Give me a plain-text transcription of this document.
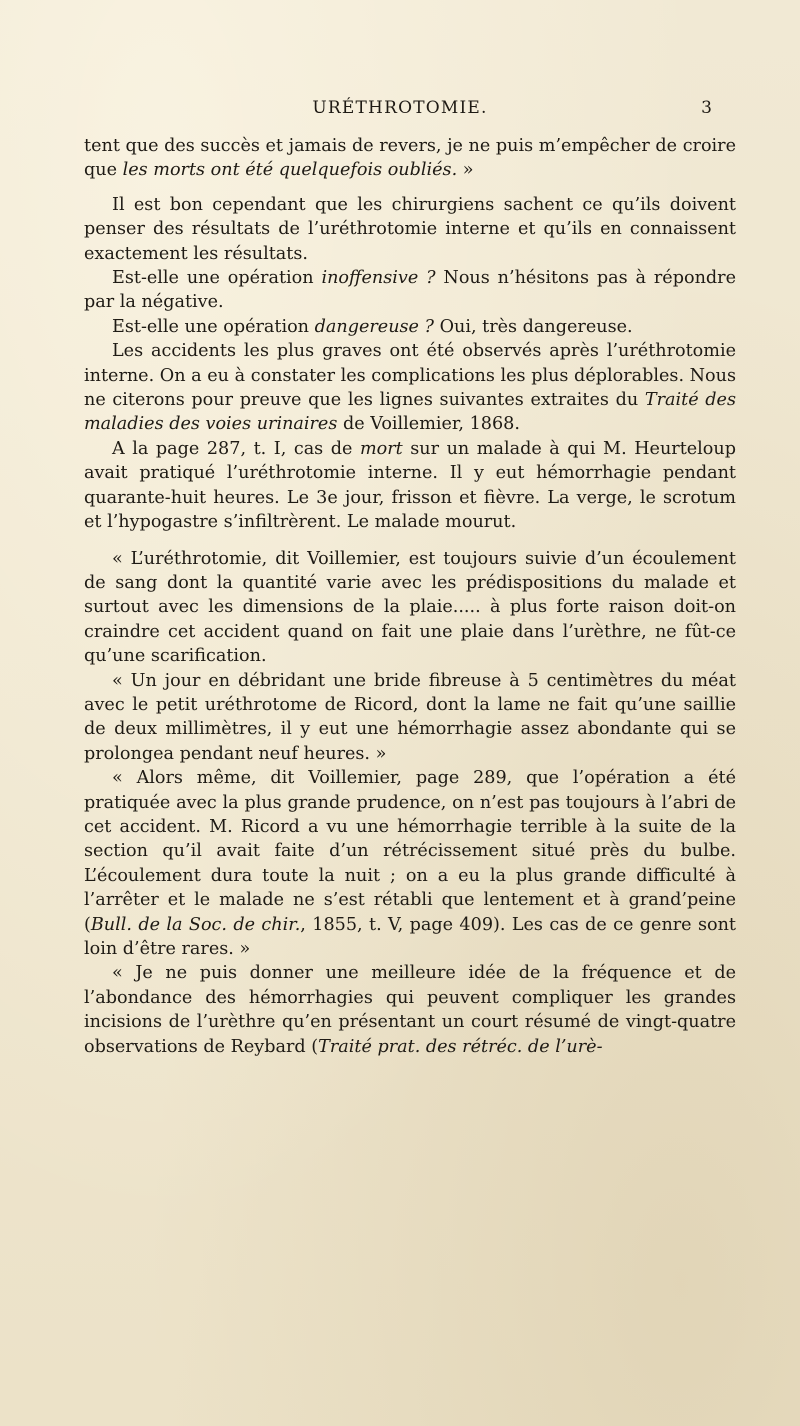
URÉTHROTOMIE.	3

tent que des succès et jamais de revers, je ne puis m’empêcher de croire que les morts ont été quelquefois oubliés. »

Il est bon cependant que les chirurgiens sachent ce qu’ils doivent penser des résultats de l’uréthrotomie interne et qu’ils en connaissent exactement les résultats.

Est-elle une opération inoffensive ? Nous n’hésitons pas à répondre par la négative.

Est-elle une opération dangereuse ? Oui, très dangereuse.

Les accidents les plus graves ont été observés après l’uréthrotomie interne. On a eu à constater les complications les plus déplorables. Nous ne citerons pour preuve que les lignes suivantes extraites du Traité des maladies des voies urinaires de Voillemier, 1868.

A la page 287, t. I, cas de mort sur un malade à qui M. Heurteloup avait pratiqué l’uréthrotomie interne. Il y eut hémorrhagie pendant quarante-huit heures. Le 3e jour, frisson et fièvre. La verge, le scrotum et l’hypogastre s’infiltrèrent. Le malade mourut.

« L’uréthrotomie, dit Voillemier, est toujours suivie d’un écoulement de sang dont la quantité varie avec les prédispositions du malade et surtout avec les dimensions de la plaie..... à plus forte raison doit-on craindre cet accident quand on fait une plaie dans l’urèthre, ne fût-ce qu’une scarification.

« Un jour en débridant une bride fibreuse à 5 centimètres du méat avec le petit uréthrotome de Ricord, dont la lame ne fait qu’une saillie de deux millimètres, il y eut une hémorrhagie assez abondante qui se prolongea pendant neuf heures. »

« Alors même, dit Voillemier, page 289, que l’opération a été pratiquée avec la plus grande prudence, on n’est pas toujours à l’abri de cet accident. M. Ricord a vu une hémorrhagie terrible à la suite de la section qu’il avait faite d’un rétrécissement situé près du bulbe. L’écoulement dura toute la nuit ; on a eu la plus grande difficulté à l’arrêter et le malade ne s’est rétabli que lentement et à grand’peine (Bull. de la Soc. de chir., 1855, t. V, page 409). Les cas de ce genre sont loin d’être rares. »

« Je ne puis donner une meilleure idée de la fréquence et de l’abondance des hémorrhagies qui peuvent compliquer les grandes incisions de l’urèthre qu’en présentant un court résumé de vingt-quatre observations de Reybard (Traité prat. des rétréc. de l’urè-
